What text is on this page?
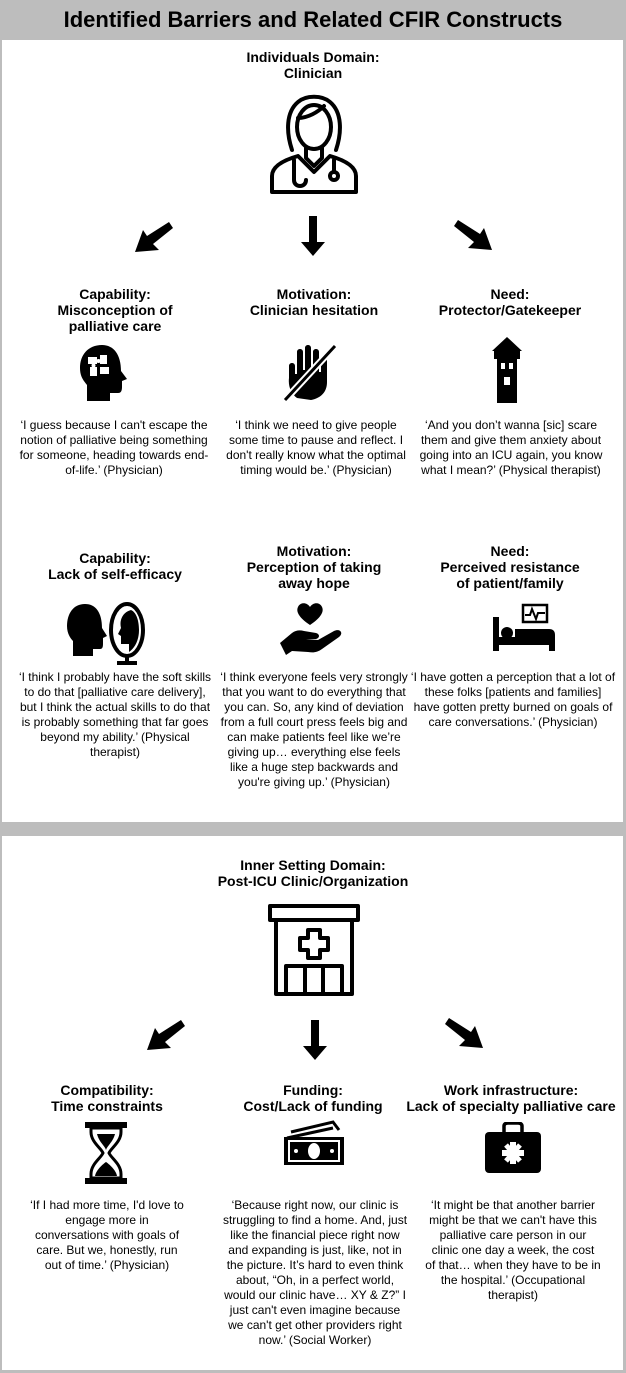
Identified Barriers and Related CFIR Constructs
Individuals Domain:
Clinician
Capability:
Misconception of palliative care
Motivation:
Clinician hesitation
Need:
Protector/Gatekeeper
‘I guess because I can't escape the notion of palliative being something for someone, heading towards end-of-life.’ (Physician)
‘I think we need to give people some time to pause and reflect. I don't really know what the optimal timing would be.’ (Physician)
‘And you don’t wanna [sic] scare them and give them anxiety about going into an ICU again, you know what I mean?’ (Physical therapist)
Capability:
Lack of self-efficacy
Motivation:
Perception of taking away hope
Need:
Perceived resistance of patient/family
‘I think I probably have the soft skills to do that [palliative care delivery], but I think the actual skills to do that is probably something that far goes beyond my ability.’ (Physical therapist)
‘I think everyone feels very strongly that you want to do everything that you can. So, any kind of deviation from a full court press feels big and can make patients feel like we’re giving up… everything else feels like a huge step backwards and you're giving up.’ (Physician)
‘I have gotten a perception that a lot of these folks [patients and families] have gotten pretty burned on goals of care conversations.’ (Physician)
Inner Setting Domain:
Post-ICU Clinic/Organization
Compatibility:
Time constraints
Funding:
Cost/Lack of funding
Work infrastructure:
Lack of specialty palliative care
‘If I had more time, I'd love to engage more in conversations with goals of care. But we, honestly, run out of time.’ (Physician)
‘Because right now, our clinic is struggling to find a home. And, just like the financial piece right now and expanding is just, like, not in the picture. It’s hard to even think about, “Oh, in a perfect world, would our clinic have… XY & Z?” I just can't even imagine because we can't get other providers right now.’ (Social Worker)
‘It might be that another barrier might be that we can't have this palliative care person in our clinic one day a week, the cost of that… when they have to be in the hospital.’ (Occupational therapist)
